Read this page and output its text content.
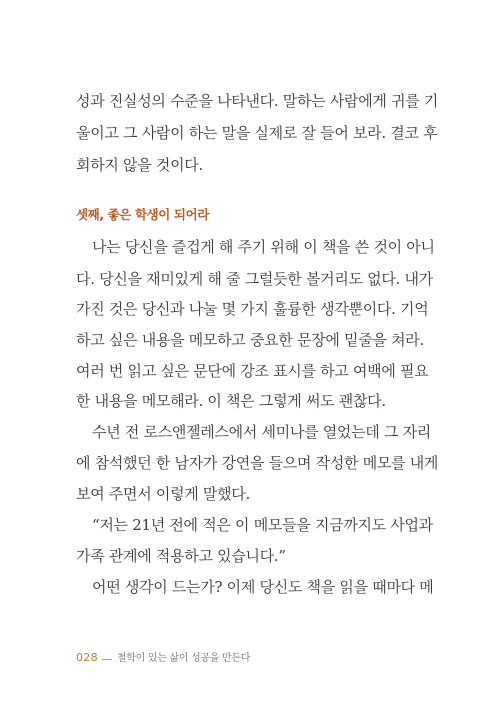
성과 진실성의 수준을 나타낸다. 말하는 사람에게 귀를 기
울이고 그 사람이 하는 말을 실제로 잘 들어 보라. 결코 후
회하지 않을 것이다.
셋째, 좋은 학생이 되어라
나는 당신을 즐겁게 해 주기 위해 이 책을 쓴 것이 아니
다. 당신을 재미있게 해 줄 그럴듯한 볼거리도 없다. 내가
가진 것은 당신과 나눌 몇 가지 훌륭한 생각뿐이다. 기억
하고 싶은 내용을 메모하고 중요한 문장에 밑줄을 쳐라.
여러 번 읽고 싶은 문단에 강조 표시를 하고 여백에 필요
한 내용을 메모해라. 이 책은 그렇게 써도 괜찮다.
수년 전 로스앤젤레스에서 세미나를 열었는데 그 자리
에 참석했던 한 남자가 강연을 들으며 작성한 메모를 내게
보여 주면서 이렇게 말했다.
“저는 21년 전에 적은 이 메모들을 지금까지도 사업과
가족 관계에 적용하고 있습니다.”
어떤 생각이 드는가? 이제 당신도 책을 읽을 때마다 메
028 철학이 있는 삶이 성공을 만든다
